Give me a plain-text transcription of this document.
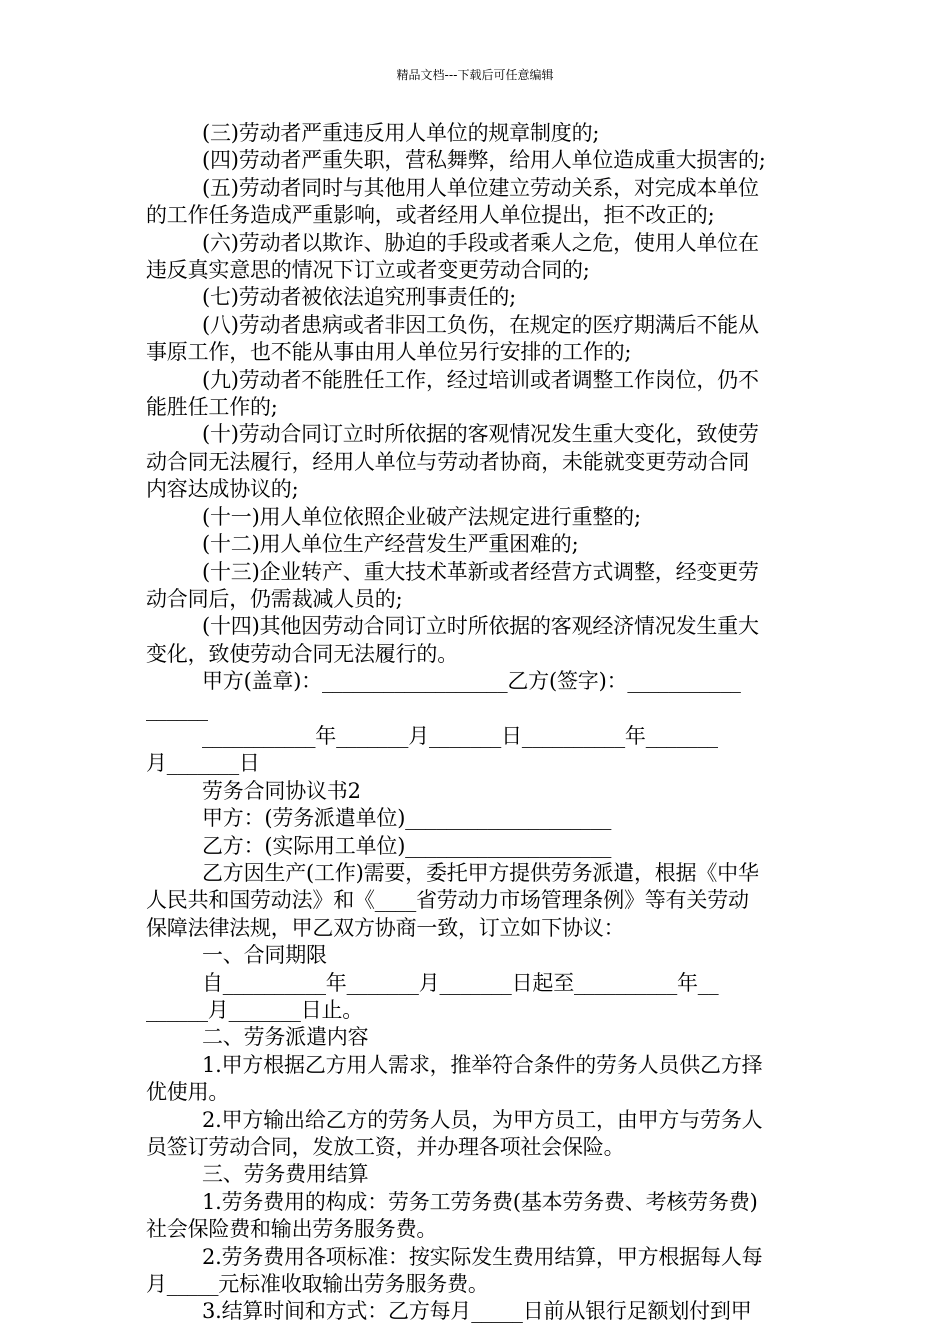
精品文档---下载后可任意编辑

(三)劳动者严重违反用人单位的规章制度的;

(四)劳动者严重失职，营私舞弊，给用人单位造成重大损害的;

(五)劳动者同时与其他用人单位建立劳动关系，对完成本单位

的工作任务造成严重影响，或者经用人单位提出，拒不改正的;

(六)劳动者以欺诈、胁迫的手段或者乘人之危，使用人单位在

违反真实意思的情况下订立或者变更劳动合同的;

(七)劳动者被依法追究刑事责任的;

(八)劳动者患病或者非因工负伤，在规定的医疗期满后不能从

事原工作，也不能从事由用人单位另行安排的工作的;

(九)劳动者不能胜任工作，经过培训或者调整工作岗位，仍不

能胜任工作的;

(十)劳动合同订立时所依据的客观情况发生重大变化，致使劳

动合同无法履行，经用人单位与劳动者协商，未能就变更劳动合同

内容达成协议的;

(十一)用人单位依照企业破产法规定进行重整的;

(十二)用人单位生产经营发生严重困难的;

(十三)企业转产、重大技术革新或者经营方式调整，经变更劳

动合同后，仍需裁减人员的;

(十四)其他因劳动合同订立时所依据的客观经济情况发生重大

变化，致使劳动合同无法履行的。

甲方(盖章)：__________________乙方(签字)：___________

______

___________年_______月_______日__________年_______

月_______日

劳务合同协议书2

甲方：(劳务派遣单位)____________________

乙方：(实际用工单位)____________________

乙方因生产(工作)需要，委托甲方提供劳务派遣，根据《中华

人民共和国劳动法》和《____省劳动力市场管理条例》等有关劳动

保障法律法规，甲乙双方协商一致，订立如下协议：

一、合同期限

自__________年_______月_______日起至__________年__

______月_______日止。

二、劳务派遣内容

1.甲方根据乙方用人需求，推举符合条件的劳务人员供乙方择

优使用。

2.甲方输出给乙方的劳务人员，为甲方员工，由甲方与劳务人

员签订劳动合同，发放工资，并办理各项社会保险。

三、劳务费用结算

1.劳务费用的构成：劳务工劳务费(基本劳务费、考核劳务费)

社会保险费和输出劳务服务费。

2.劳务费用各项标准：按实际发生费用结算，甲方根据每人每

月_____元标准收取输出劳务服务费。

3.结算时间和方式：乙方每月_____日前从银行足额划付到甲
